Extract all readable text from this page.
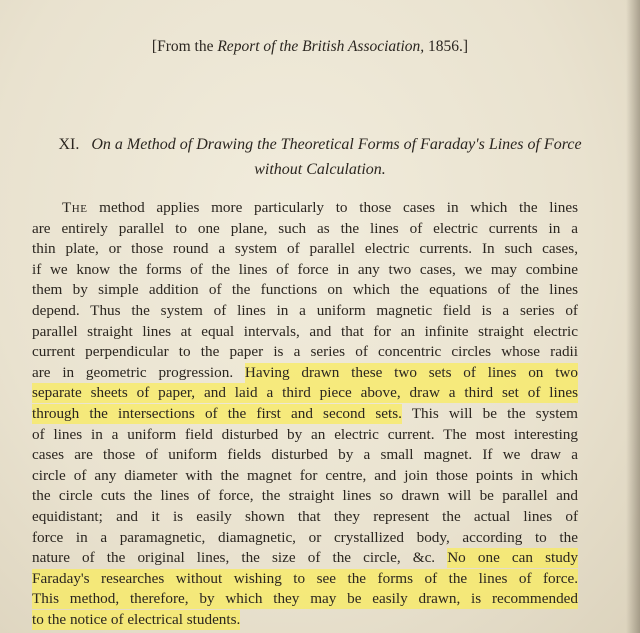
[From the Report of the British Association, 1856.]
XI. On a Method of Drawing the Theoretical Forms of Faraday's Lines of Force without Calculation.
The method applies more particularly to those cases in which the lines
are entirely parallel to one plane, such as the lines of electric currents in a
thin plate, or those round a system of parallel electric currents. In such cases,
if we know the forms of the lines of force in any two cases, we may combine
them by simple addition of the functions on which the equations of the lines
depend. Thus the system of lines in a uniform magnetic field is a series of
parallel straight lines at equal intervals, and that for an infinite straight electric
current perpendicular to the paper is a series of concentric circles whose radii
are in geometric progression. Having drawn these two sets of lines on two
separate sheets of paper, and laid a third piece above, draw a third set of lines
through the intersections of the first and second sets. This will be the system
of lines in a uniform field disturbed by an electric current. The most interesting
cases are those of uniform fields disturbed by a small magnet. If we draw a
circle of any diameter with the magnet for centre, and join those points in which
the circle cuts the lines of force, the straight lines so drawn will be parallel and
equidistant; and it is easily shown that they represent the actual lines of
force in a paramagnetic, diamagnetic, or crystallized body, according to the
nature of the original lines, the size of the circle, &c. No one can study
Faraday's researches without wishing to see the forms of the lines of force.
This method, therefore, by which they may be easily drawn, is recommended
to the notice of electrical students.
